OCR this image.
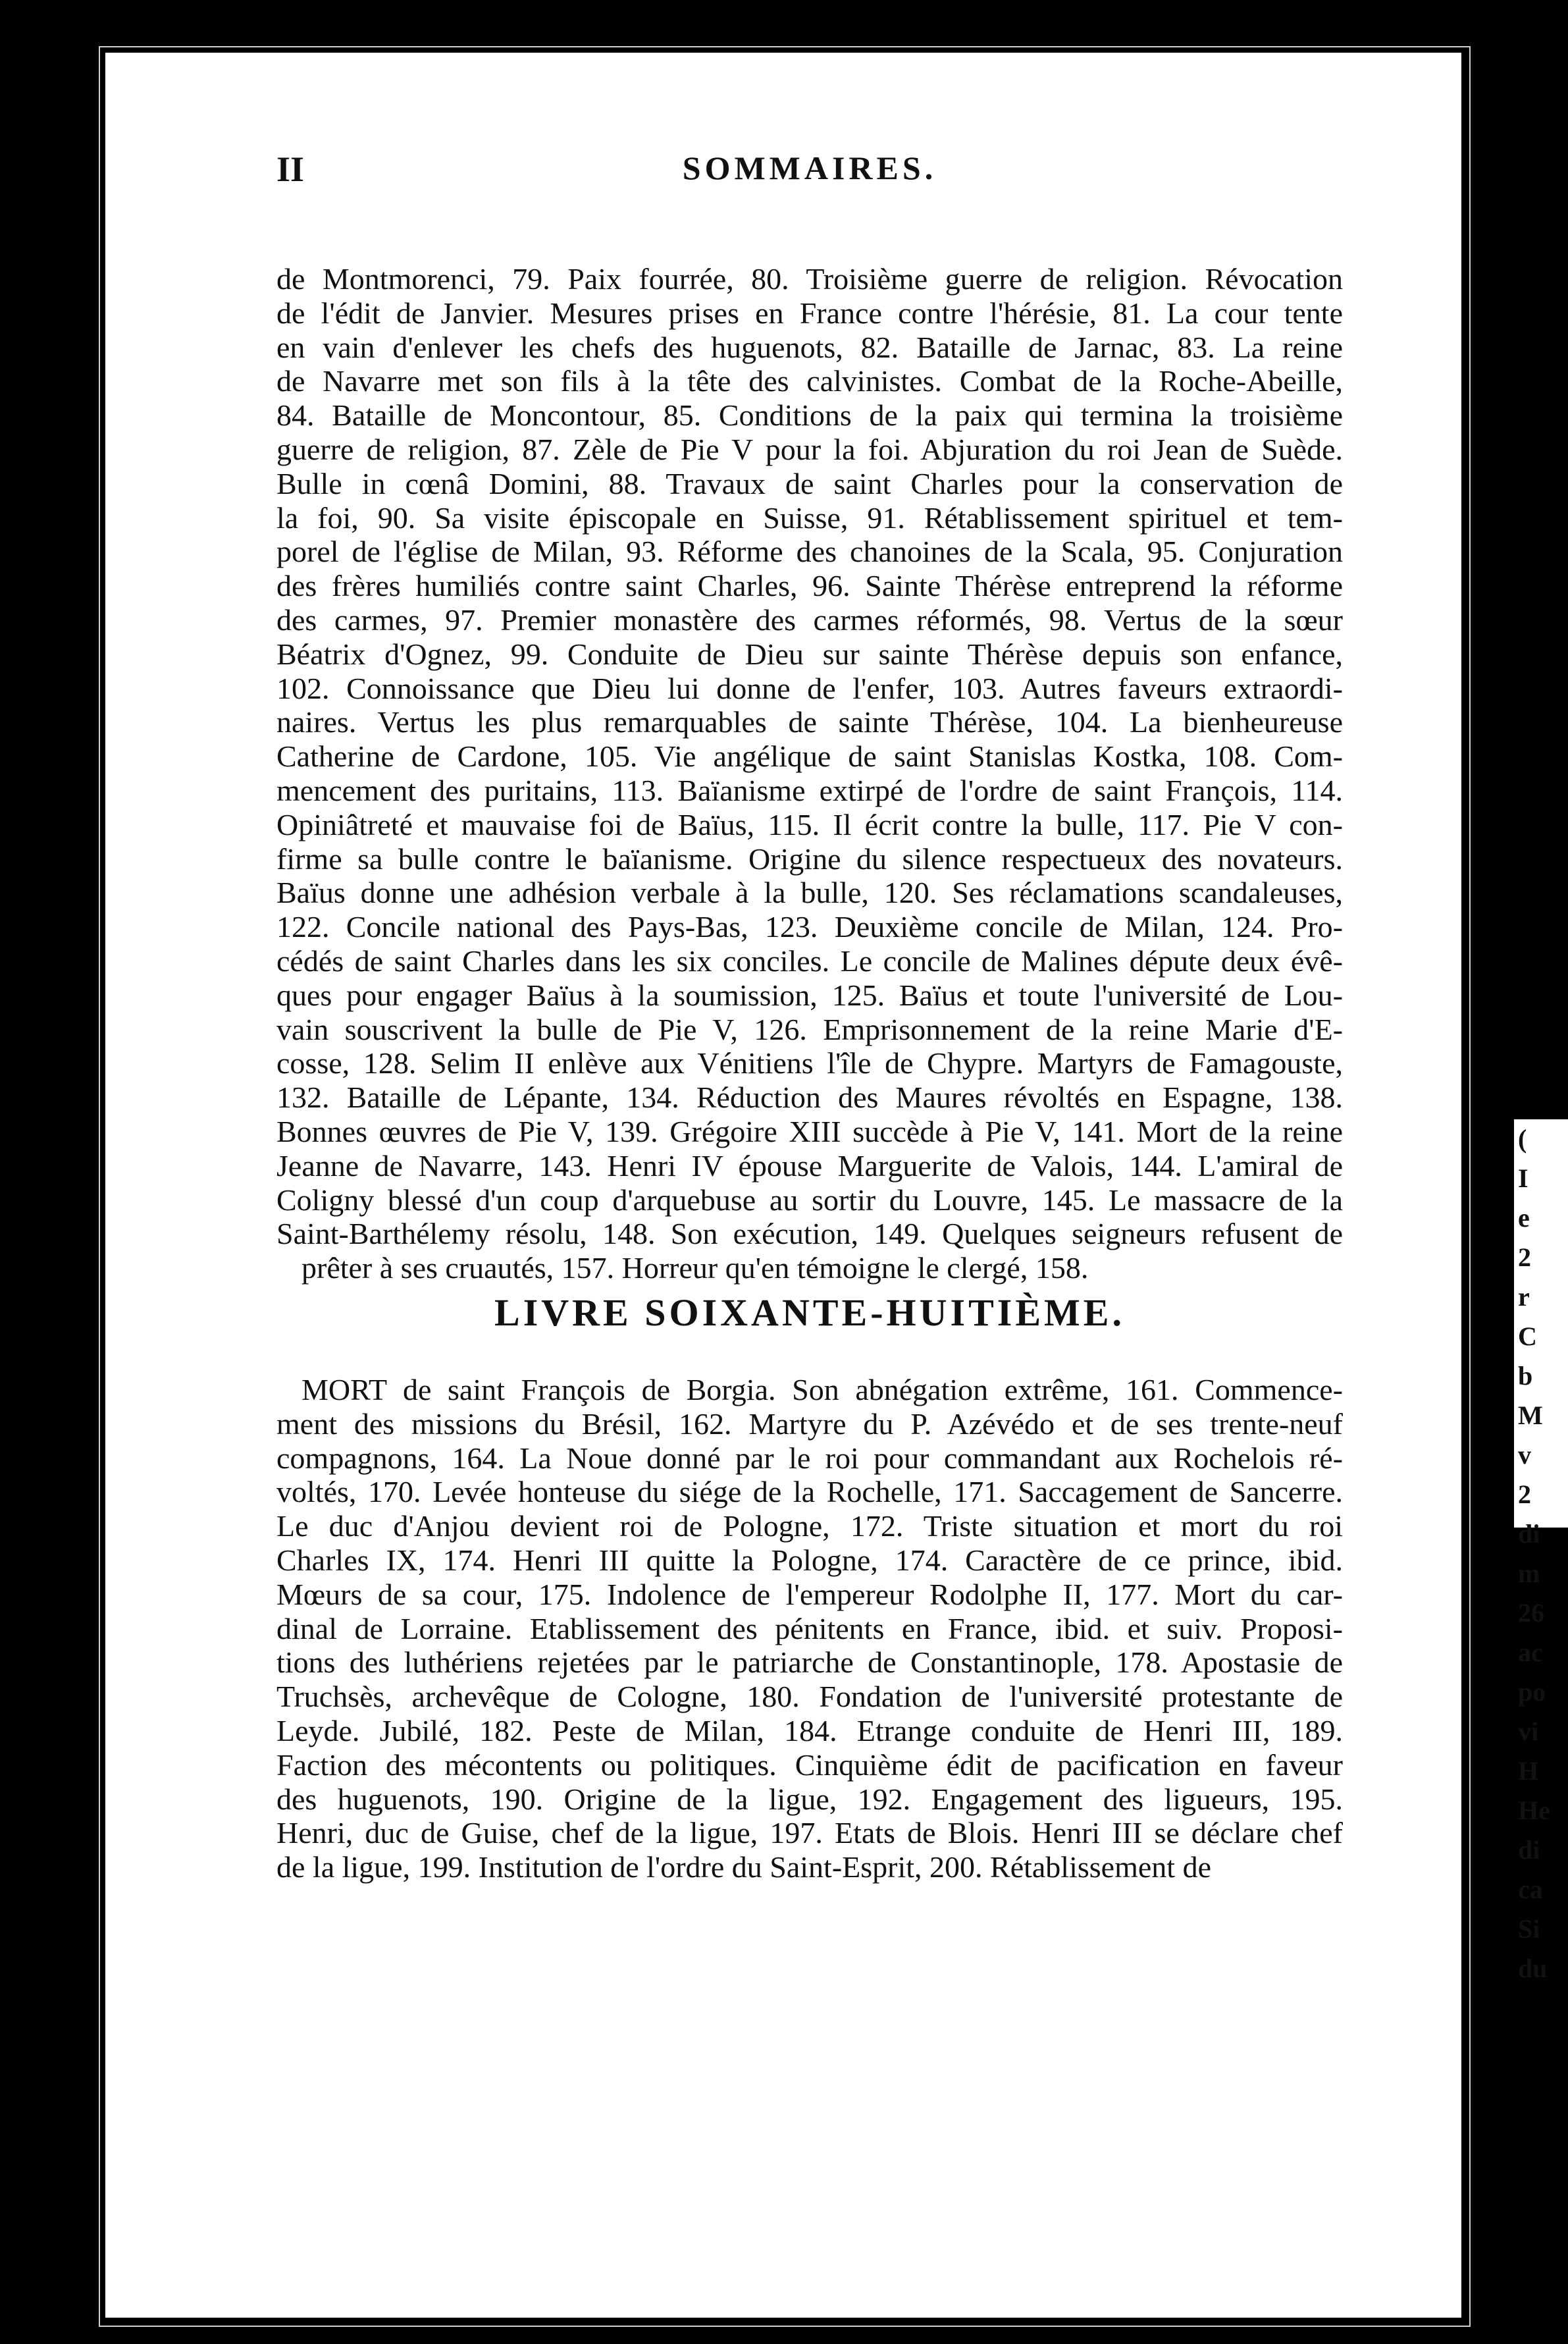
II	SOMMAIRES.
de Montmorenci, 79. Paix fourrée, 80. Troisième guerre de religion. Révocation
de l'édit de Janvier. Mesures prises en France contre l'hérésie, 81. La cour tente
en vain d'enlever les chefs des huguenots, 82. Bataille de Jarnac, 83. La reine
de Navarre met son fils à la tête des calvinistes. Combat de la Roche-Abeille,
84. Bataille de Moncontour, 85. Conditions de la paix qui termina la troisième
guerre de religion, 87. Zèle de Pie V pour la foi. Abjuration du roi Jean de Suède.
Bulle in cœnâ Domini, 88. Travaux de saint Charles pour la conservation de
la foi, 90. Sa visite épiscopale en Suisse, 91. Rétablissement spirituel et tem-
porel de l'église de Milan, 93. Réforme des chanoines de la Scala, 95. Conjuration
des frères humiliés contre saint Charles, 96. Sainte Thérèse entreprend la réforme
des carmes, 97. Premier monastère des carmes réformés, 98. Vertus de la sœur
Béatrix d'Ognez, 99. Conduite de Dieu sur sainte Thérèse depuis son enfance,
102. Connoissance que Dieu lui donne de l'enfer, 103. Autres faveurs extraordi-
naires. Vertus les plus remarquables de sainte Thérèse, 104. La bienheureuse
Catherine de Cardone, 105. Vie angélique de saint Stanislas Kostka, 108. Com-
mencement des puritains, 113. Baïanisme extirpé de l'ordre de saint François, 114.
Opiniâtreté et mauvaise foi de Baïus, 115. Il écrit contre la bulle, 117. Pie V con-
firme sa bulle contre le baïanisme. Origine du silence respectueux des novateurs.
Baïus donne une adhésion verbale à la bulle, 120. Ses réclamations scandaleuses,
122. Concile national des Pays-Bas, 123. Deuxième concile de Milan, 124. Pro-
cédés de saint Charles dans les six conciles. Le concile de Malines députe deux évê-
ques pour engager Baïus à la soumission, 125. Baïus et toute l'université de Lou-
vain souscrivent la bulle de Pie V, 126. Emprisonnement de la reine Marie d'E-
cosse, 128. Selim II enlève aux Vénitiens l'île de Chypre. Martyrs de Famagouste,
132. Bataille de Lépante, 134. Réduction des Maures révoltés en Espagne, 138.
Bonnes œuvres de Pie V, 139. Grégoire XIII succède à Pie V, 141. Mort de la reine
Jeanne de Navarre, 143. Henri IV épouse Marguerite de Valois, 144. L'amiral de
Coligny blessé d'un coup d'arquebuse au sortir du Louvre, 145. Le massacre de la
Saint-Barthélemy résolu, 148. Son exécution, 149. Quelques seigneurs refusent de
prêter à ses cruautés, 157. Horreur qu'en témoigne le clergé, 158.
LIVRE SOIXANTE-HUITIÈME.
MORT de saint François de Borgia. Son abnégation extrême, 161. Commence-
ment des missions du Brésil, 162. Martyre du P. Azévédo et de ses trente-neuf
compagnons, 164. La Noue donné par le roi pour commandant aux Rochelois ré-
voltés, 170. Levée honteuse du siége de la Rochelle, 171. Saccagement de Sancerre.
Le duc d'Anjou devient roi de Pologne, 172. Triste situation et mort du roi
Charles IX, 174. Henri III quitte la Pologne, 174. Caractère de ce prince, ibid.
Mœurs de sa cour, 175. Indolence de l'empereur Rodolphe II, 177. Mort du car-
dinal de Lorraine. Etablissement des pénitents en France, ibid. et suiv. Proposi-
tions des luthériens rejetées par le patriarche de Constantinople, 178. Apostasie de
Truchsès, archevêque de Cologne, 180. Fondation de l'université protestante de
Leyde. Jubilé, 182. Peste de Milan, 184. Etrange conduite de Henri III, 189.
Faction des mécontents ou politiques. Cinquième édit de pacification en faveur
des huguenots, 190. Origine de la ligue, 192. Engagement des ligueurs, 195.
Henri, duc de Guise, chef de la ligue, 197. Etats de Blois. Henri III se déclare chef
de la ligue, 199. Institution de l'ordre du Saint-Esprit, 200. Rétablissement de
(
I
e
2
r
C
b
M
v
2
di
m
26
ac
po
vi
H
He
di
ca
Si
du
